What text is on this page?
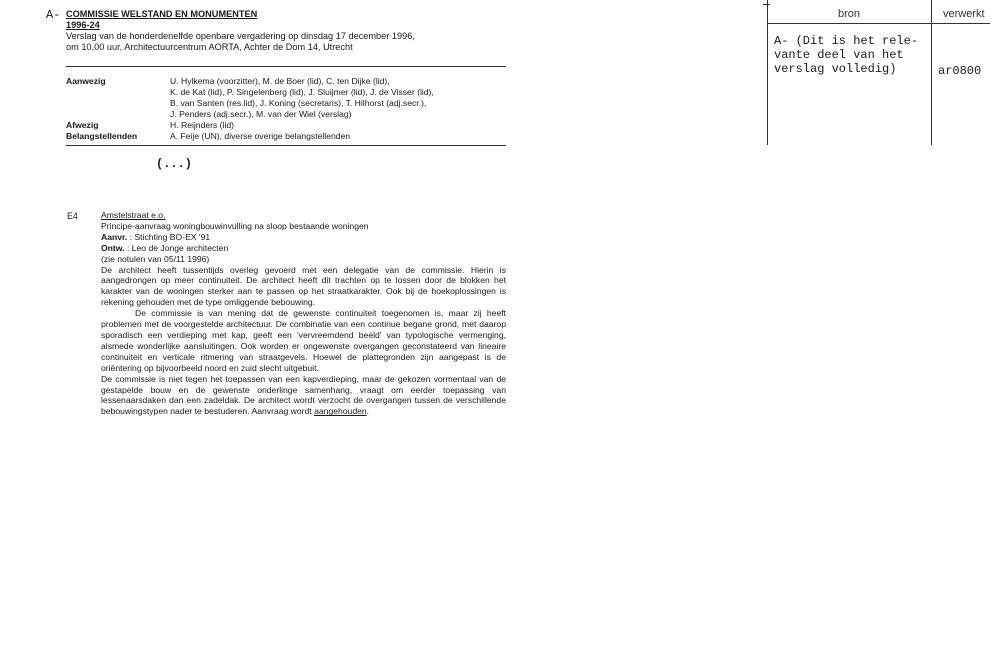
A- COMMISSIE WELSTAND EN MONUMENTEN
1996-24
Verslag van de honderdenelfde openbare vergadering op dinsdag 17 december 1996,
om 10.00 uur, Architectuurcentrum AORTA, Achter de Dom 14, Utrecht
Aanwezig	U. Hylkema (voorzitter), M. de Boer (lid), C. ten Dijke (lid),
K. de Kat (lid), P. Singelenberg (lid), J. Sluijmer (lid), J. de Visser (lid),
B. van Santen (res.lid), J. Koning (secretaris), T. Hilhorst (adj.secr.),
J. Penders (adj.secr.), M. van der Wiel (verslag)
Afwezig	H. Reijnders (lid)
Belangstellenden	A. Feije (UN), diverse overige belangstellenden
(...)
E4	Amstelstraat e.o.

Principe-aanvraag woningbouwinvulling na sloop bestaande woningen

Aanvr. : Stichting BO-EX '91

Ontw. : Leo de Jonge architecten

(zie notulen van 05/11 1996)

De architect heeft tussentijds overleg gevoerd met een delegatie van de commissie. Hierin is aangedrongen op meer continuiteit. De architect heeft dit trachten op te lossen door de blokken het karakter van de woningen sterker aan te passen op het straatkarakter. Ook bij de hoekoplossingen is rekening gehouden met de type omliggende bebouwing.

De commissie is van mening dat de gewenste continuiteit toegenomen is, maar zij heeft problemen met de voorgestelde architectuur. De combinatie van een continue begane grond, met daarop sporadisch een verdieping met kap, geeft een 'vervreemdend beeld' van typologische vermenging, alsmede wonderlijke aansluitingen. Ook worden er ongewenste overgangen geconstateerd van lineaire continuiteit en verticale ritmering van straatgevels. Hoewel de plattegronden zijn aangepast is de oriëntering op bijvoorbeeld noord en zuid slecht uitgebuit.

De commissie is niet tegen het toepassen van een kapverdieping, maar de gekozen vormentaal van de gestapelde bouw en de gewenste onderlinge samenhang, vraagt om eerder toepassing van lessenaarsdaken dan een zadeldak. De architect wordt verzocht de overgangen tussen de verschillende bebouwingstypen nader te bestuderen. Aanvraag wordt aangehouden.

bron	verwerkt
A- (Dit is het rele-
vante deel van het
verslag volledig)	ar0800
